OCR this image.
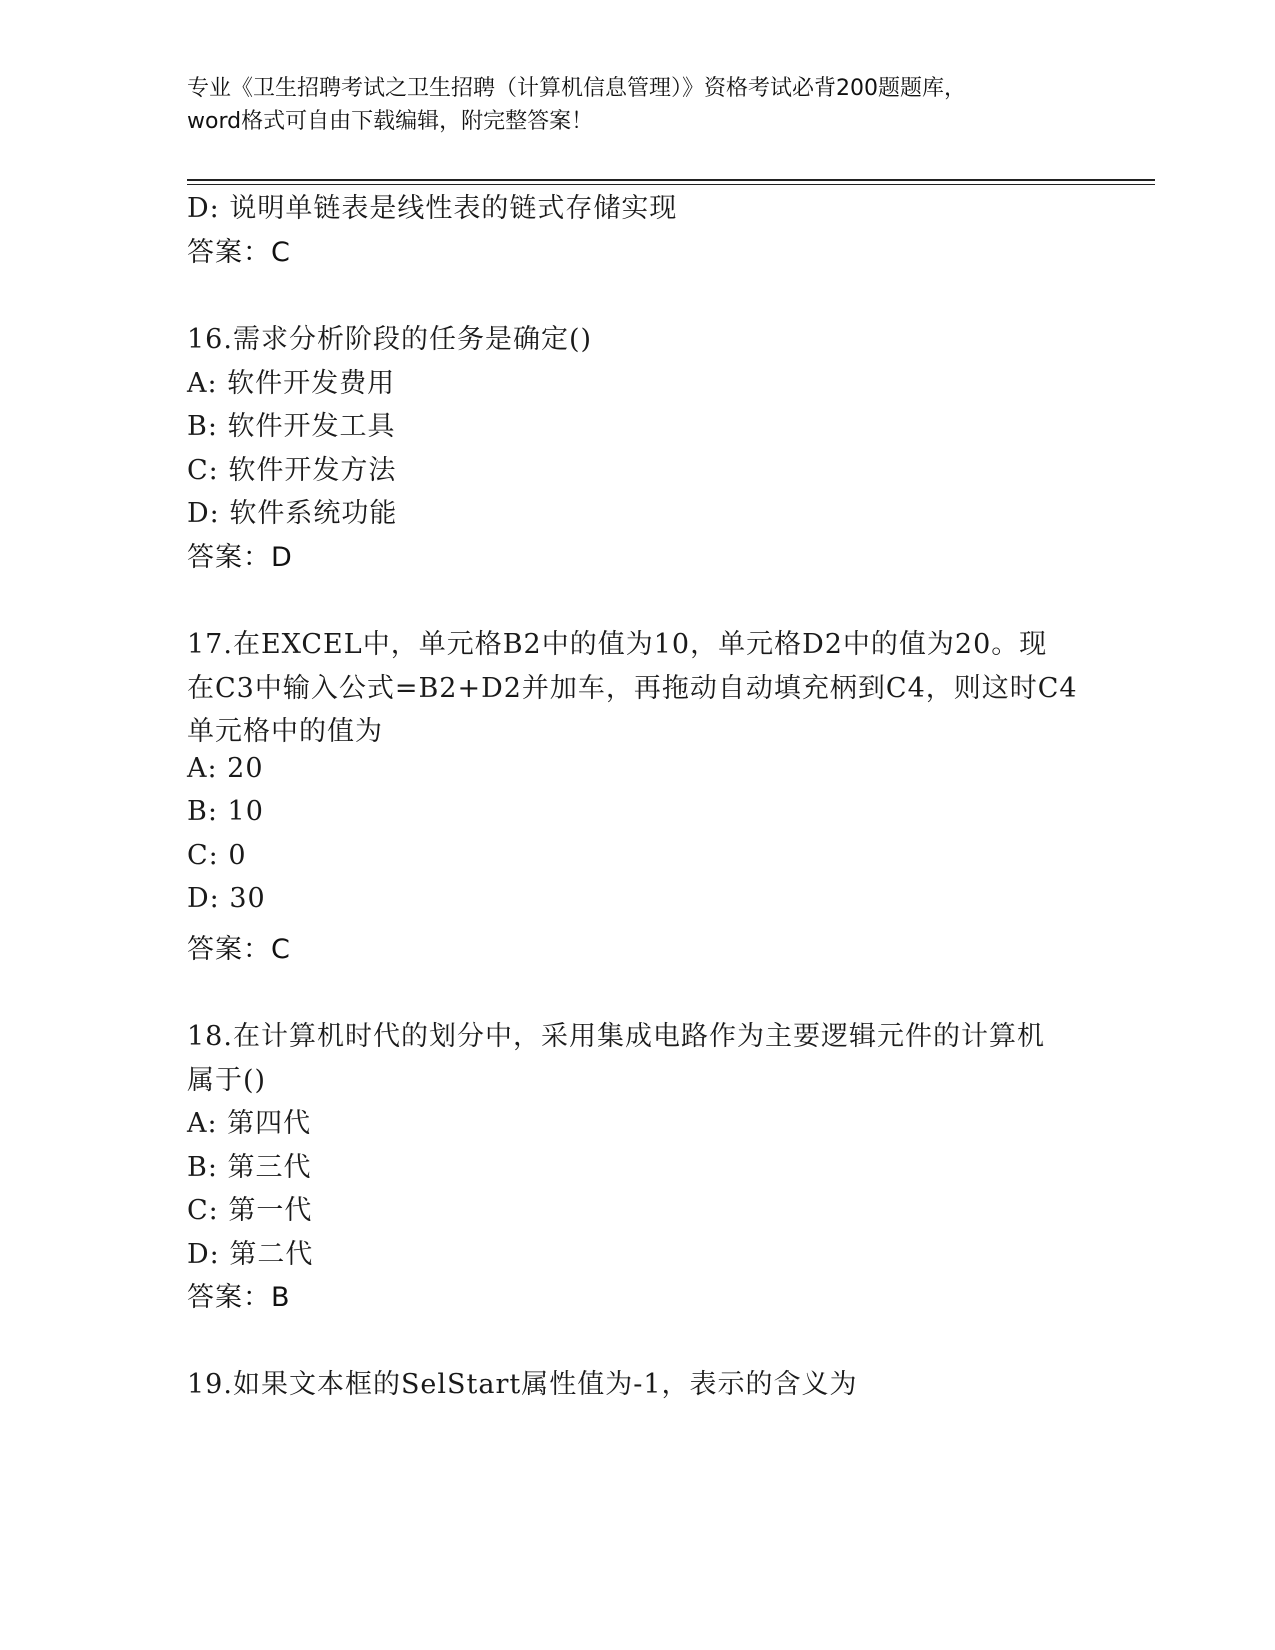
专业《卫生招聘考试之卫生招聘（计算机信息管理）》资格考试必背200题题库，
word格式可自由下载编辑，附完整答案！
D: 说明单链表是线性表的链式存储实现
答案：C
16.需求分析阶段的任务是确定()
A: 软件开发费用
B: 软件开发工具
C: 软件开发方法
D: 软件系统功能
答案：D
17.在EXCEL中，单元格B2中的值为10，单元格D2中的值为20。现
在C3中输入公式=B2+D2并加车，再拖动自动填充柄到C4，则这时C4
单元格中的值为
A: 20
B: 10
C: 0
D: 30
答案：C
18.在计算机时代的划分中，采用集成电路作为主要逻辑元件的计算机
属于()
A: 第四代
B: 第三代
C: 第一代
D: 第二代
答案：B
19.如果文本框的SelStart属性值为-1，表示的含义为
